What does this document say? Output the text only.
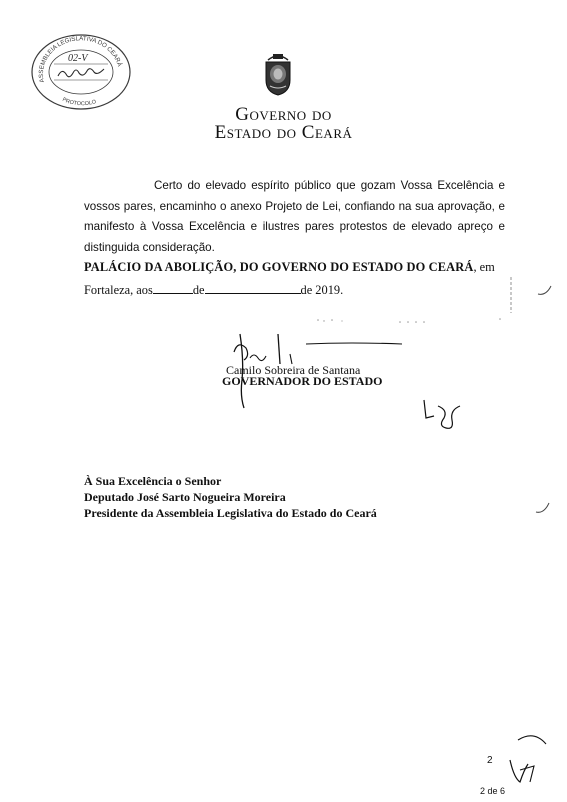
ASSEMBLEIA LEGISLATIVA DO CEARÁ
PROTOCOLO
02-V
GOVERNO DO
ESTADO DO CEARÁ
Certo do elevado espírito público que gozam Vossa Excelência e vossos pares, encaminho o anexo Projeto de Lei, confiando na sua aprovação, e manifesto à Vossa Excelência e ilustres pares protestos de elevado apreço e distinguida consideração.
PALÁCIO DA ABOLIÇÃO, DO GOVERNO DO ESTADO DO CEARÁ, em
Fortaleza, aos	de	de 2019.
Camilo Sobreira de Santana
GOVERNADOR DO ESTADO
À Sua Excelência o Senhor
Deputado José Sarto Nogueira Moreira
Presidente da Assembleia Legislativa do Estado do Ceará
2
2 de 6
